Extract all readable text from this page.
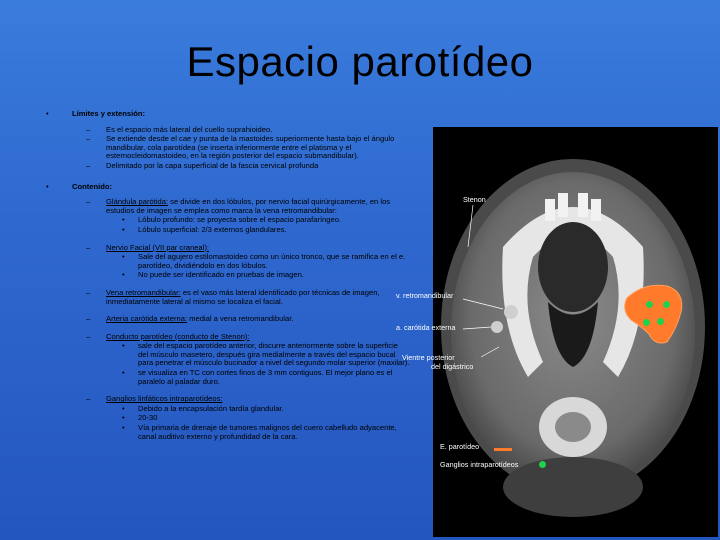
Espacio parotídeo
•	Límites y extensión:
– Es el espacio más lateral del cuello suprahioideo.
– Se extiende desde el cae y punta de la mastoides superiormente hasta bajo el ángulo mandibular, cola parotídea (se inserta inferiormente entre el platisma y el esternocleidomastoideo, en la región posterior del espacio submandibular).
– Delimitado por la capa superficial de la fascia cervical profunda
•	Contenido:
– Glándula parótida: se divide en dos lóbulos, por nervio facial quirúrgicamente, en los estudios de imagen se emplea como marca la vena retromandibular:
• Lóbulo profundo: se proyecta sobre el espacio parafaríngeo.
• Lóbulo superficial: 2/3 externos glandulares.
– Nervio Facial (VII par craneal):
• Sale del agujero estilomastoideo como un único tronco, que se ramifica en el e. parotídeo, dividiéndolo en dos lóbulos.
• No puede ser identificado en pruebas de imagen.
– Vena retromandibular: es el vaso más lateral identificado por técnicas de imagen, inmediatamente lateral al mismo se localiza el facial.
– Arteria carótida externa: medial a vena retromandibular.
– Conducto parotídeo (conducto de Stenon):
• sale del espacio parotídeo anterior, discurre anteriormente sobre la superficie del músculo masetero, después gira medialmente a través del espacio bucal para penetrar el músculo bucinador a nivel del segundo molar superior (maxilar).
• se visualiza en TC con cortes finos de 3 mm contiguos. El mejor plano es el paralelo al paladar duro.
– Ganglios linfáticos intraparotídeos:
• Debido a la encapsulación tardía glandular.
• 20-30
• Vía primaria de drenaje de tumores malignos del cuero cabelludo adyacente, canal auditivo externo y profundidad de la cara.
Stenon
v. retromandibular
a. carótida externa
Vientre posterior
del digástrico
E. parotídeo
Ganglios intraparotídeos
